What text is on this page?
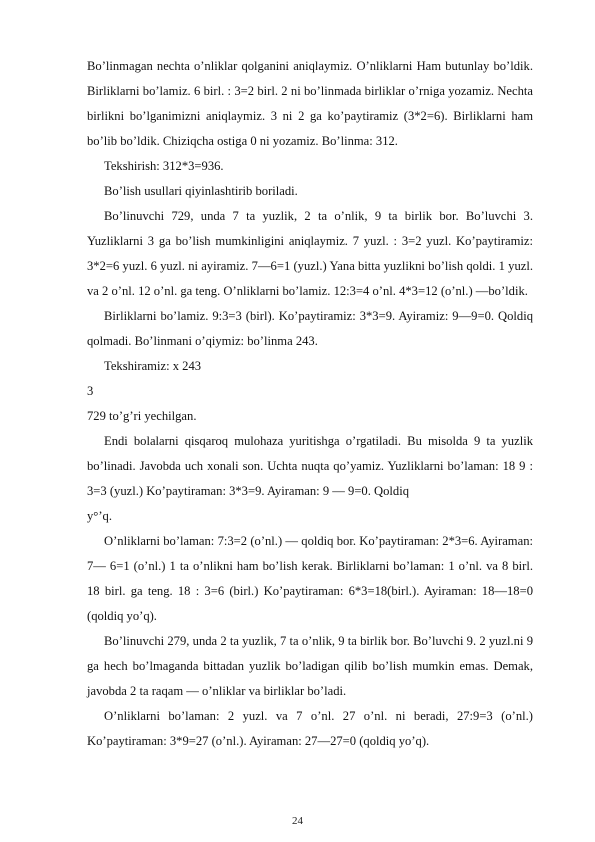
Bo’linmagan nechta o’nliklar qolganini aniqlaymiz. O’nliklarni Ham butunlay bo’ldik. Birliklarni bo’lamiz. 6 birl. : 3=2 birl. 2 ni bo’linmada birliklar o’rniga yozamiz. Nechta birlikni bo’lganimizni aniqlaymiz. 3 ni 2 ga ko’paytiramiz (3*2=6). Birliklarni ham bo’lib bo’ldik. Chiziqcha ostiga 0 ni yozamiz. Bo’linma: 312.

Tekshirish: 312*3=936.

Bo’lish usullari qiyinlashtirib boriladi.

Bo’linuvchi 729, unda 7 ta yuzlik, 2 ta o’nlik, 9 ta birlik bor. Bo’luvchi 3. Yuzliklarni 3 ga bo’lish mumkinligini aniqlaymiz. 7 yuzl. : 3=2 yuzl. Ko’paytiramiz: 3*2=6 yuzl. 6 yuzl. ni ayiramiz. 7—6=1 (yuzl.) Yana bitta yuzlikni bo’lish qoldi. 1 yuzl. va 2 o’nl. 12 o’nl. ga teng. O’nliklarni bo’lamiz. 12:3=4 o’nl. 4*3=12 (o’nl.) —bo’ldik.

Birliklarni bo’lamiz. 9:3=3 (birl). Ko’paytiramiz: 3*3=9. Ayiramiz: 9—9=0. Qoldiq qolmadi. Bo’linmani o’qiymiz: bo’linma 243.

Tekshiramiz: x 243

3

729 to’g’ri yechilgan.

Endi bolalarni qisqaroq mulohaza yuritishga o’rgatiladi. Bu misolda 9 ta yuzlik bo’linadi. Javobda uch xonali son. Uchta nuqta qo’yamiz. Yuzliklarni bo’laman: 18 9 : 3=3 (yuzl.) Ko’paytiraman: 3*3=9. Ayiraman: 9 — 9=0. Qoldiq

y°’q.

O’nliklarni bo’laman: 7:3=2 (o’nl.) — qoldiq bor. Ko’paytiraman: 2*3=6. Ayiraman: 7— 6=1 (o’nl.) 1 ta o’nlikni ham bo’lish kerak. Birliklarni bo’laman: 1 o’nl. va 8 birl. 18 birl. ga teng. 18 : 3=6 (birl.) Ko’paytiraman: 6*3=18(birl.). Ayiraman: 18—18=0 (qoldiq yo’q).

Bo’linuvchi 279, unda 2 ta yuzlik, 7 ta o’nlik, 9 ta birlik bor. Bo’luvchi 9. 2 yuzl.ni 9 ga hech bo’lmaganda bittadan yuzlik bo’ladigan qilib bo’lish mumkin emas. Demak, javobda 2 ta raqam — o’nliklar va birliklar bo’ladi.

O’nliklarni bo’laman: 2 yuzl. va 7 o’nl. 27 o’nl. ni beradi, 27:9=3 (o’nl.) Ko’paytiraman: 3*9=27 (o’nl.). Ayiraman: 27—27=0 (qoldiq yo’q).

24
